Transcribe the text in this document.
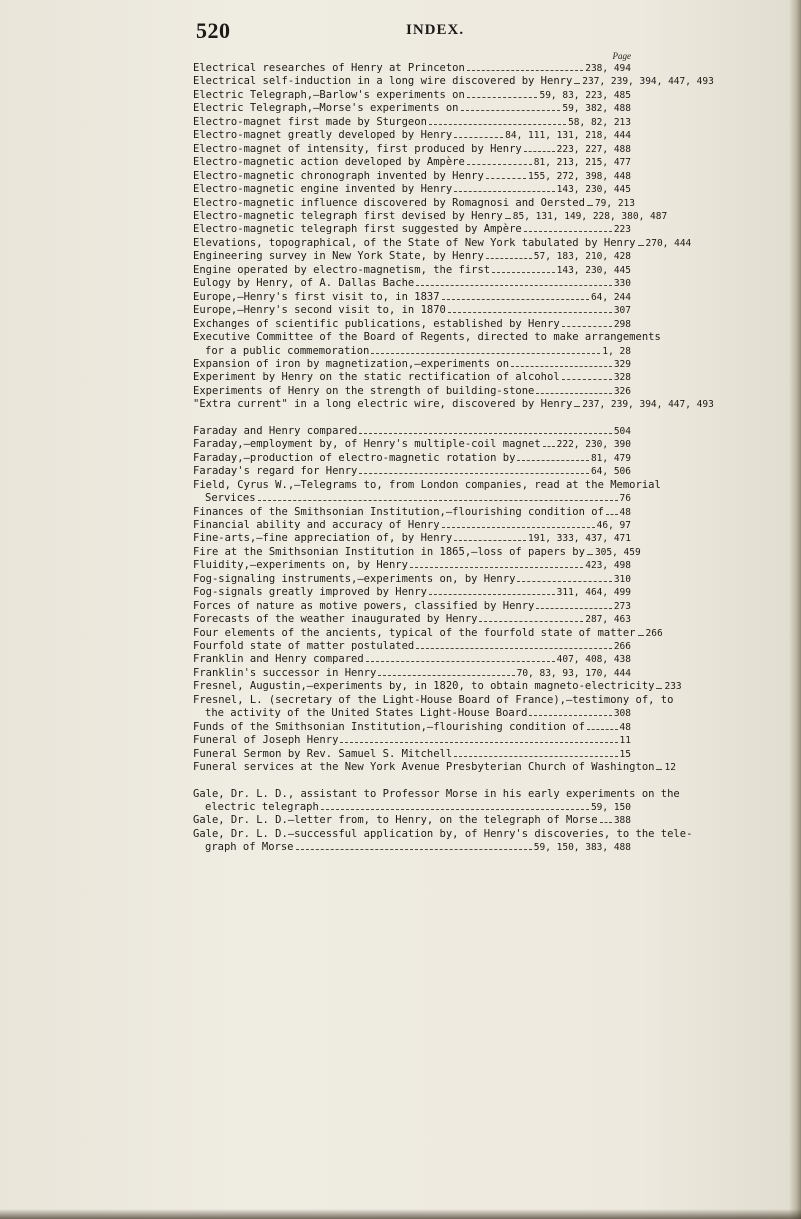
520	INDEX.
Page
Electrical researches of Henry at Princeton	238, 494
Electrical self-induction in a long wire discovered by Henry 237, 239, 394, 447, 493
Electric Telegraph,—Barlow's experiments on	59, 83, 223, 485
Electric Telegraph,—Morse's experiments on	59, 382, 488
Electro-magnet first made by Sturgeon	58, 82, 213
Electro-magnet greatly developed by Henry	84, 111, 131, 218, 444
Electro-magnet of intensity, first produced by Henry	223, 227, 488
Electro-magnetic action developed by Ampère	81, 213, 215, 477
Electro-magnetic chronograph invented by Henry	155, 272, 398, 448
Electro-magnetic engine invented by Henry	143, 230, 445
Electro-magnetic influence discovered by Romagnosi and Oersted 79, 213
Electro-magnetic telegraph first devised by Henry 85, 131, 149, 228, 380, 487
Electro-magnetic telegraph first suggested by Ampère	223
Elevations, topographical, of the State of New York tabulated by Henry 270, 444
Engineering survey in New York State, by Henry	57, 183, 210, 428
Engine operated by electro-magnetism, the first	143, 230, 445
Eulogy by Henry, of A. Dallas Bache	330
Europe,—Henry's first visit to, in 1837	64, 244
Europe,—Henry's second visit to, in 1870	307
Exchanges of scientific publications, established by Henry	298
Executive Committee of the Board of Regents, directed to make arrangements
for a public commemoration	1, 28
Expansion of iron by magnetization,—experiments on	329
Experiment by Henry on the static rectification of alcohol	328
Experiments of Henry on the strength of building-stone	326
"Extra current" in a long electric wire, discovered by Henry 237, 239, 394, 447, 493
Faraday and Henry compared	504
Faraday,—employment by, of Henry's multiple-coil magnet 222, 230, 390
Faraday,—production of electro-magnetic rotation by	81, 479
Faraday's regard for Henry	64, 506
Field, Cyrus W.,—Telegrams to, from London companies, read at the Memorial
Services	76
Finances of the Smithsonian Institution,—flourishing condition of 48
Financial ability and accuracy of Henry	46, 97
Fine-arts,—fine appreciation of, by Henry	191, 333, 437, 471
Fire at the Smithsonian Institution in 1865,—loss of papers by 305, 459
Fluidity,—experiments on, by Henry	423, 498
Fog-signaling instruments,—experiments on, by Henry	310
Fog-signals greatly improved by Henry	311, 464, 499
Forces of nature as motive powers, classified by Henry	273
Forecasts of the weather inaugurated by Henry	287, 463
Four elements of the ancients, typical of the fourfold state of matter 266
Fourfold state of matter postulated	266
Franklin and Henry compared	407, 408, 438
Franklin's successor in Henry	70, 83, 93, 170, 444
Fresnel, Augustin,—experiments by, in 1820, to obtain magneto-electricity 233
Fresnel, L. (secretary of the Light-House Board of France),—testimony of, to
the activity of the United States Light-House Board	308
Funds of the Smithsonian Institution,—flourishing condition of	48
Funeral of Joseph Henry	11
Funeral Sermon by Rev. Samuel S. Mitchell	15
Funeral services at the New York Avenue Presbyterian Church of Washington 12
Gale, Dr. L. D., assistant to Professor Morse in his early experiments on the
electric telegraph	59, 150
Gale, Dr. L. D.—letter from, to Henry, on the telegraph of Morse 388
Gale, Dr. L. D.—successful application by, of Henry's discoveries, to the tele-
graph of Morse	59, 150, 383, 488
